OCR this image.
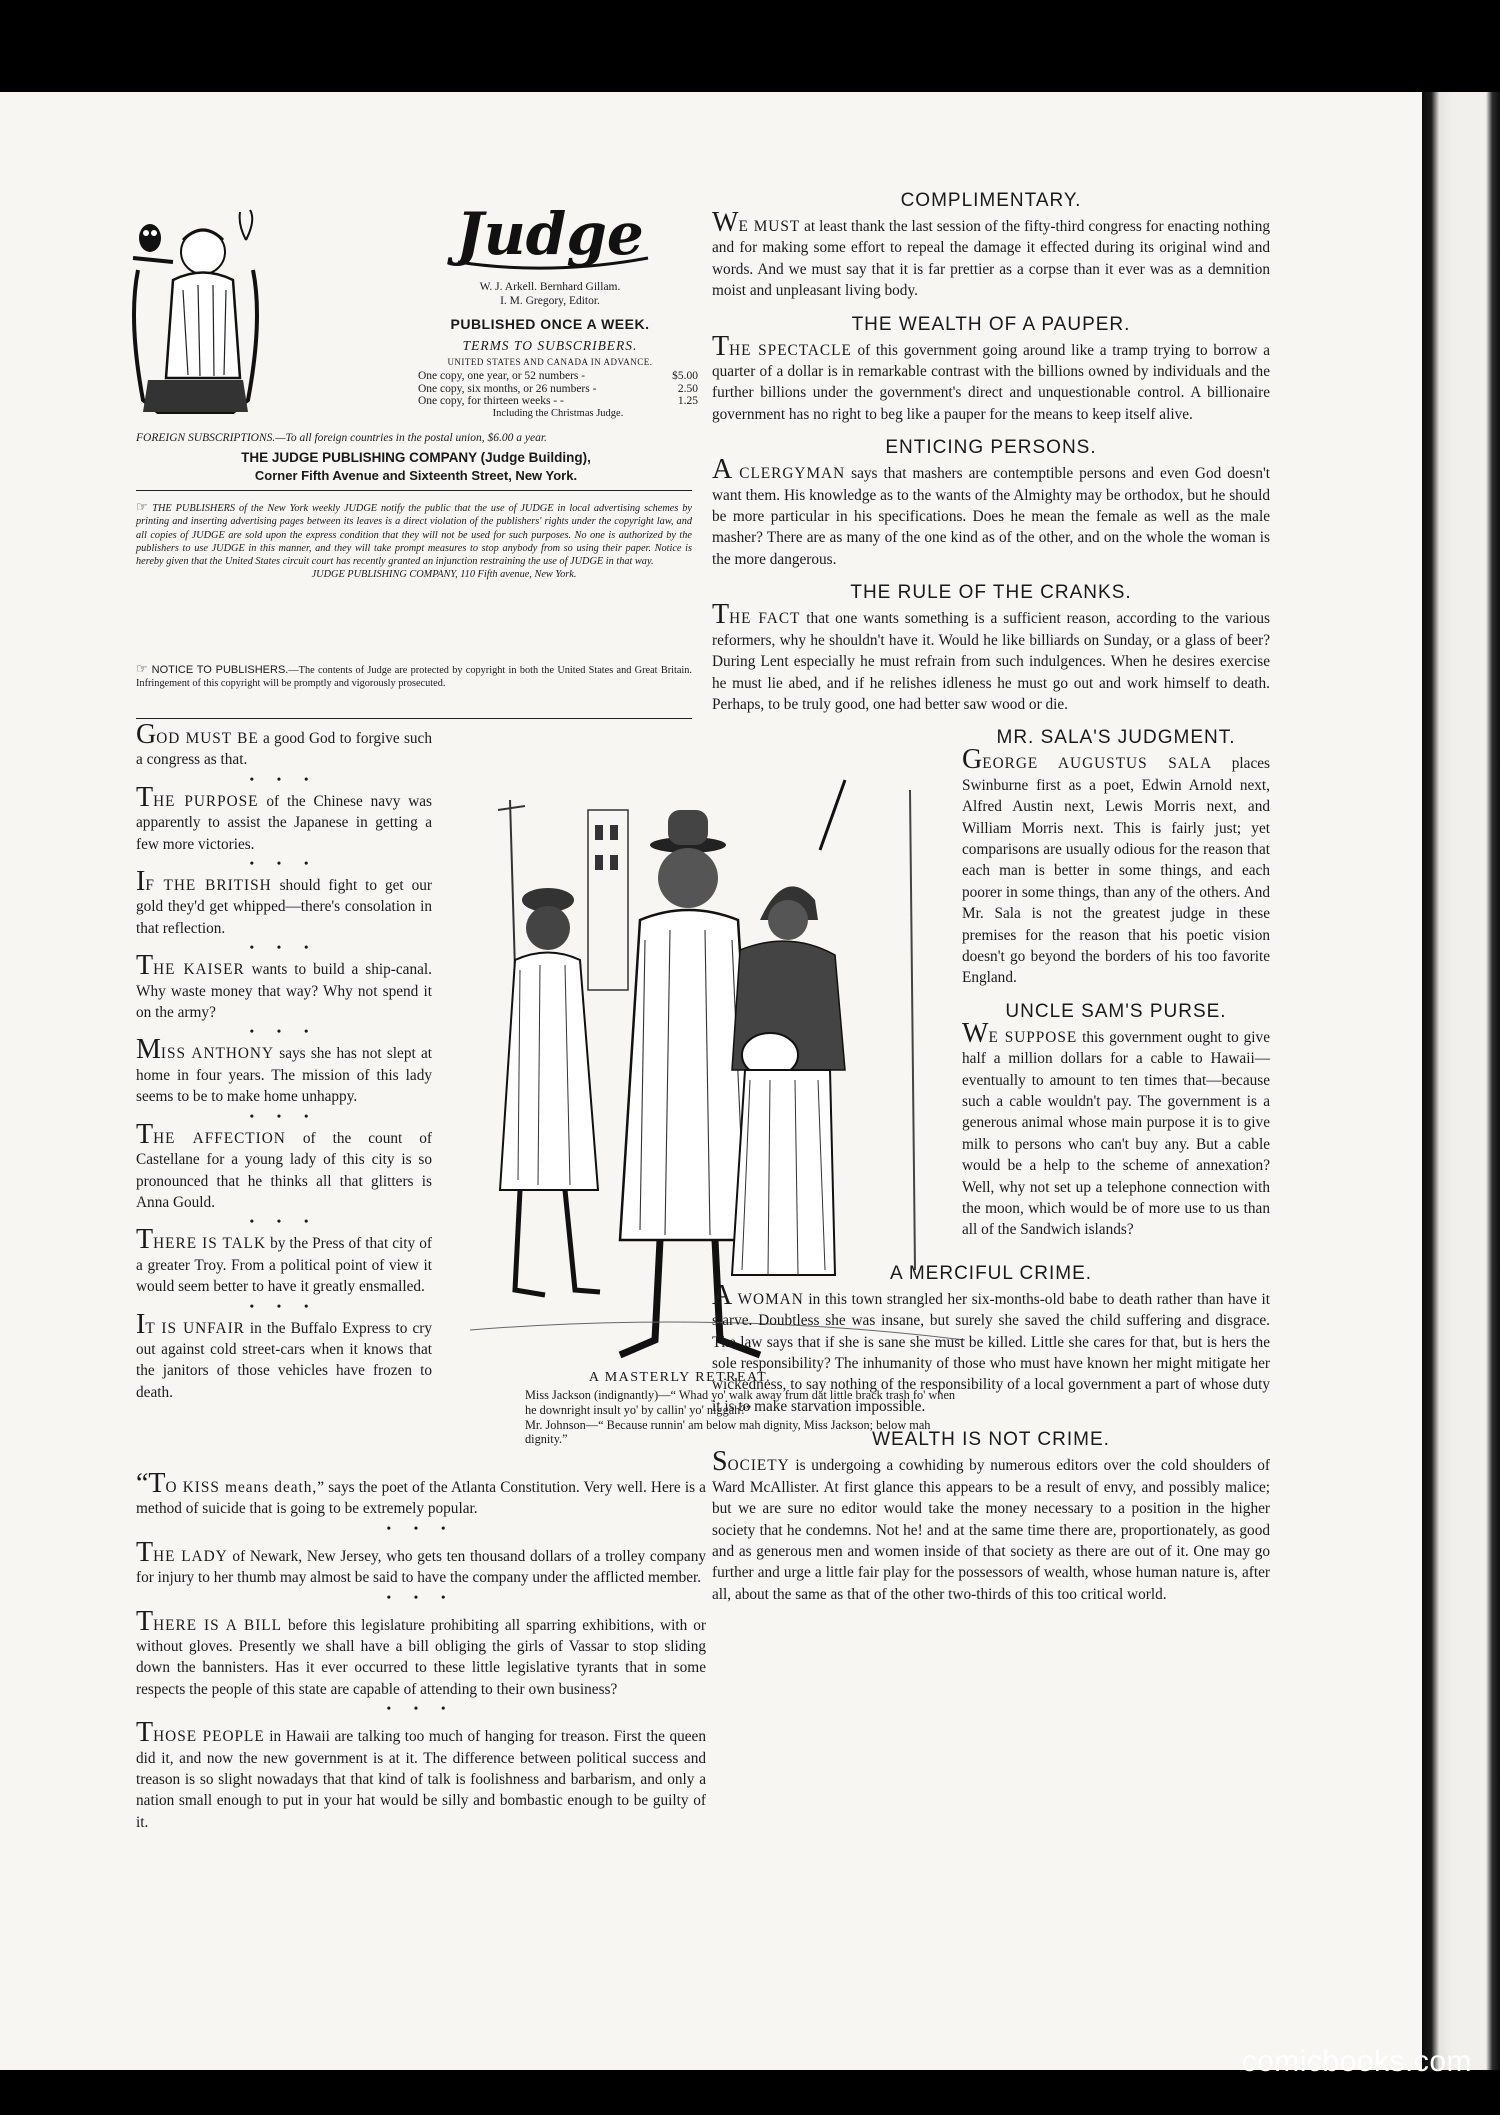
Judge
W. J. Arkell. Bernhard Gillam.
I. M. Gregory, Editor.
PUBLISHED ONCE A WEEK.
TERMS TO SUBSCRIBERS.
UNITED STATES AND CANADA IN ADVANCE.
One copy, one year, or 52 numbers -	$5.00
One copy, six months, or 26 numbers -	2.50
One copy, for thirteen weeks - -	1.25
Including the Christmas Judge.
FOREIGN SUBSCRIPTIONS.—To all foreign countries in the postal union, $6.00 a year.
THE JUDGE PUBLISHING COMPANY (Judge Building),
Corner Fifth Avenue and Sixteenth Street, New York.
☞ THE PUBLISHERS of the New York weekly JUDGE notify the public that the use of JUDGE in local advertising schemes by printing and inserting advertising pages between its leaves is a direct violation of the publishers' rights under the copyright law, and all copies of JUDGE are sold upon the express condition that they will not be used for such purposes. No one is authorized by the publishers to use JUDGE in this manner, and they will take prompt measures to stop anybody from so using their paper. Notice is hereby given that the United States circuit court has recently granted an injunction restraining the use of JUDGE in that way.
JUDGE PUBLISHING COMPANY, 110 Fifth avenue, New York.
☞ NOTICE TO PUBLISHERS.—The contents of Judge are protected by copyright in both the United States and Great Britain. Infringement of this copyright will be promptly and vigorously prosecuted.

GOD MUST BE a good God to forgive such a congress as that.

• • •

THE PURPOSE of the Chinese navy was apparently to assist the Japanese in getting a few more victories.

• • •

IF THE BRITISH should fight to get our gold they'd get whipped—there's consolation in that reflection.

• • •

THE KAISER wants to build a ship-canal. Why waste money that way? Why not spend it on the army?

• • •

MISS ANTHONY says she has not slept at home in four years. The mission of this lady seems to be to make home unhappy.

• • •

THE AFFECTION of the count of Castellane for a young lady of this city is so pronounced that he thinks all that glitters is Anna Gould.

• • •

THERE IS TALK by the Press of that city of a greater Troy. From a political point of view it would seem better to have it greatly ensmalled.

• • •

IT IS UNFAIR in the Buffalo Express to cry out against cold street-cars when it knows that the janitors of those vehicles have frozen to death.

“TO KISS means death,” says the poet of the Atlanta Constitution. Very well. Here is a method of suicide that is going to be extremely popular.

• • •

THE LADY of Newark, New Jersey, who gets ten thousand dollars of a trolley company for injury to her thumb may almost be said to have the company under the afflicted member.

• • •

THERE IS A BILL before this legislature prohibiting all sparring exhibitions, with or without gloves. Presently we shall have a bill obliging the girls of Vassar to stop sliding down the bannisters. Has it ever occurred to these little legislative tyrants that in some respects the people of this state are capable of attending to their own business?

• • •

THOSE PEOPLE in Hawaii are talking too much of hanging for treason. First the queen did it, and now the new government is at it. The difference between political success and treason is so slight nowadays that that kind of talk is foolishness and barbarism, and only a nation small enough to put in your hat would be silly and bombastic enough to be guilty of it.

A MASTERLY RETREAT.
Miss Jackson (indignantly)—“ Whad yo' walk away frum dat little brack trash fo' when he downright insult yo' by callin' yo' niggah?”
Mr. Johnson—“ Because runnin' am below mah dignity, Miss Jackson; below mah dignity.”
COMPLIMENTARY.

WE MUST at least thank the last session of the fifty-third congress for enacting nothing and for making some effort to repeal the damage it effected during its original wind and words. And we must say that it is far prettier as a corpse than it ever was as a demnition moist and unpleasant living body.

THE WEALTH OF A PAUPER.

THE SPECTACLE of this government going around like a tramp trying to borrow a quarter of a dollar is in remarkable contrast with the billions owned by individuals and the further billions under the government's direct and unquestionable control. A billionaire government has no right to beg like a pauper for the means to keep itself alive.

ENTICING PERSONS.

A CLERGYMAN says that mashers are contemptible persons and even God doesn't want them. His knowledge as to the wants of the Almighty may be orthodox, but he should be more particular in his specifications. Does he mean the female as well as the male masher? There are as many of the one kind as of the other, and on the whole the woman is the more dangerous.

THE RULE OF THE CRANKS.

THE FACT that one wants something is a sufficient reason, according to the various reformers, why he shouldn't have it. Would he like billiards on Sunday, or a glass of beer? During Lent especially he must refrain from such indulgences. When he desires exercise he must lie abed, and if he relishes idleness he must go out and work himself to death. Perhaps, to be truly good, one had better saw wood or die.

MR. SALA'S JUDGMENT.

GEORGE AUGUSTUS SALA places Swinburne first as a poet, Edwin Arnold next, Alfred Austin next, Lewis Morris next, and William Morris next. This is fairly just; yet comparisons are usually odious for the reason that each man is better in some things, and each poorer in some things, than any of the others. And Mr. Sala is not the greatest judge in these premises for the reason that his poetic vision doesn't go beyond the borders of his too favorite England.

UNCLE SAM'S PURSE.

WE SUPPOSE this government ought to give half a million dollars for a cable to Hawaii—eventually to amount to ten times that—because such a cable wouldn't pay. The government is a generous animal whose main purpose it is to give milk to persons who can't buy any. But a cable would be a help to the scheme of annexation? Well, why not set up a telephone connection with the moon, which would be of more use to us than all of the Sandwich islands?

A MERCIFUL CRIME.

A WOMAN in this town strangled her six-months-old babe to death rather than have it starve. Doubtless she was insane, but surely she saved the child suffering and disgrace. The law says that if she is sane she must be killed. Little she cares for that, but is hers the sole responsibility? The inhumanity of those who must have known her might mitigate her wickedness, to say nothing of the responsibility of a local government a part of whose duty it is to make starvation impossible.

WEALTH IS NOT CRIME.

SOCIETY is undergoing a cowhiding by numerous editors over the cold shoulders of Ward McAllister. At first glance this appears to be a result of envy, and possibly malice; but we are sure no editor would take the money necessary to a position in the higher society that he condemns. Not he! and at the same time there are, proportionately, as good and as generous men and women inside of that society as there are out of it. One may go further and urge a little fair play for the possessors of wealth, whose human nature is, after all, about the same as that of the other two-thirds of this too critical world.

comicbooks.com
